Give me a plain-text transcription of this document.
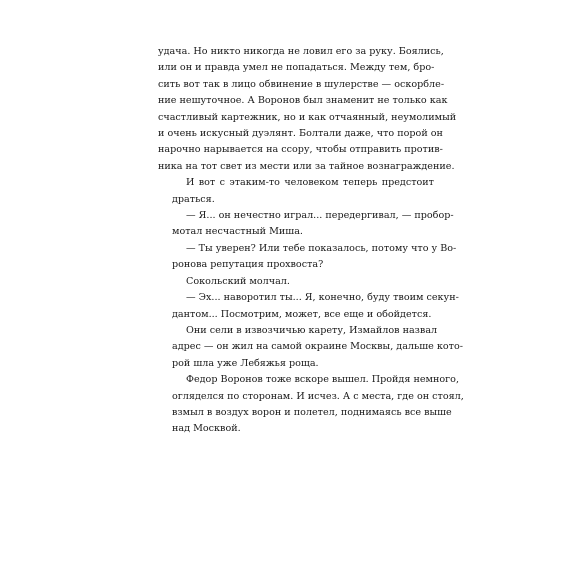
удача. Но никто никогда не ловил его за руку. Боялись,
или он и правда умел не попадаться. Между тем, бро-
сить вот так в лицо обвинение в шулерстве — оскорбле-
ние нешуточное. А Воронов был знаменит не только как
счастливый картежник, но и как отчаянный, неумолимый
и очень искусный дуэлянт. Болтали даже, что порой он
нарочно нарывается на ссору, чтобы отправить против-
ника на тот свет из мести или за тайное вознаграждение.
И вот с этаким-то человеком теперь предстоит
драться.
— Я... он нечестно играл... передергивал, — пробор-
мотал несчастный Миша.
— Ты уверен? Или тебе показалось, потому что у Во-
ронова репутация прохвоста?
Сокольский молчал.
— Эх... наворотил ты... Я, конечно, буду твоим секун-
дантом... Посмотрим, может, все еще и обойдется.
Они сели в извозчичью карету, Измайлов назвал
адрес — он жил на самой окраине Москвы, дальше кото-
рой шла уже Лебяжья роща.
Федор Воронов тоже вскоре вышел. Пройдя немного,
огляделся по сторонам. И исчез. А с места, где он стоял,
взмыл в воздух ворон и полетел, поднимаясь все выше
над Москвой.
